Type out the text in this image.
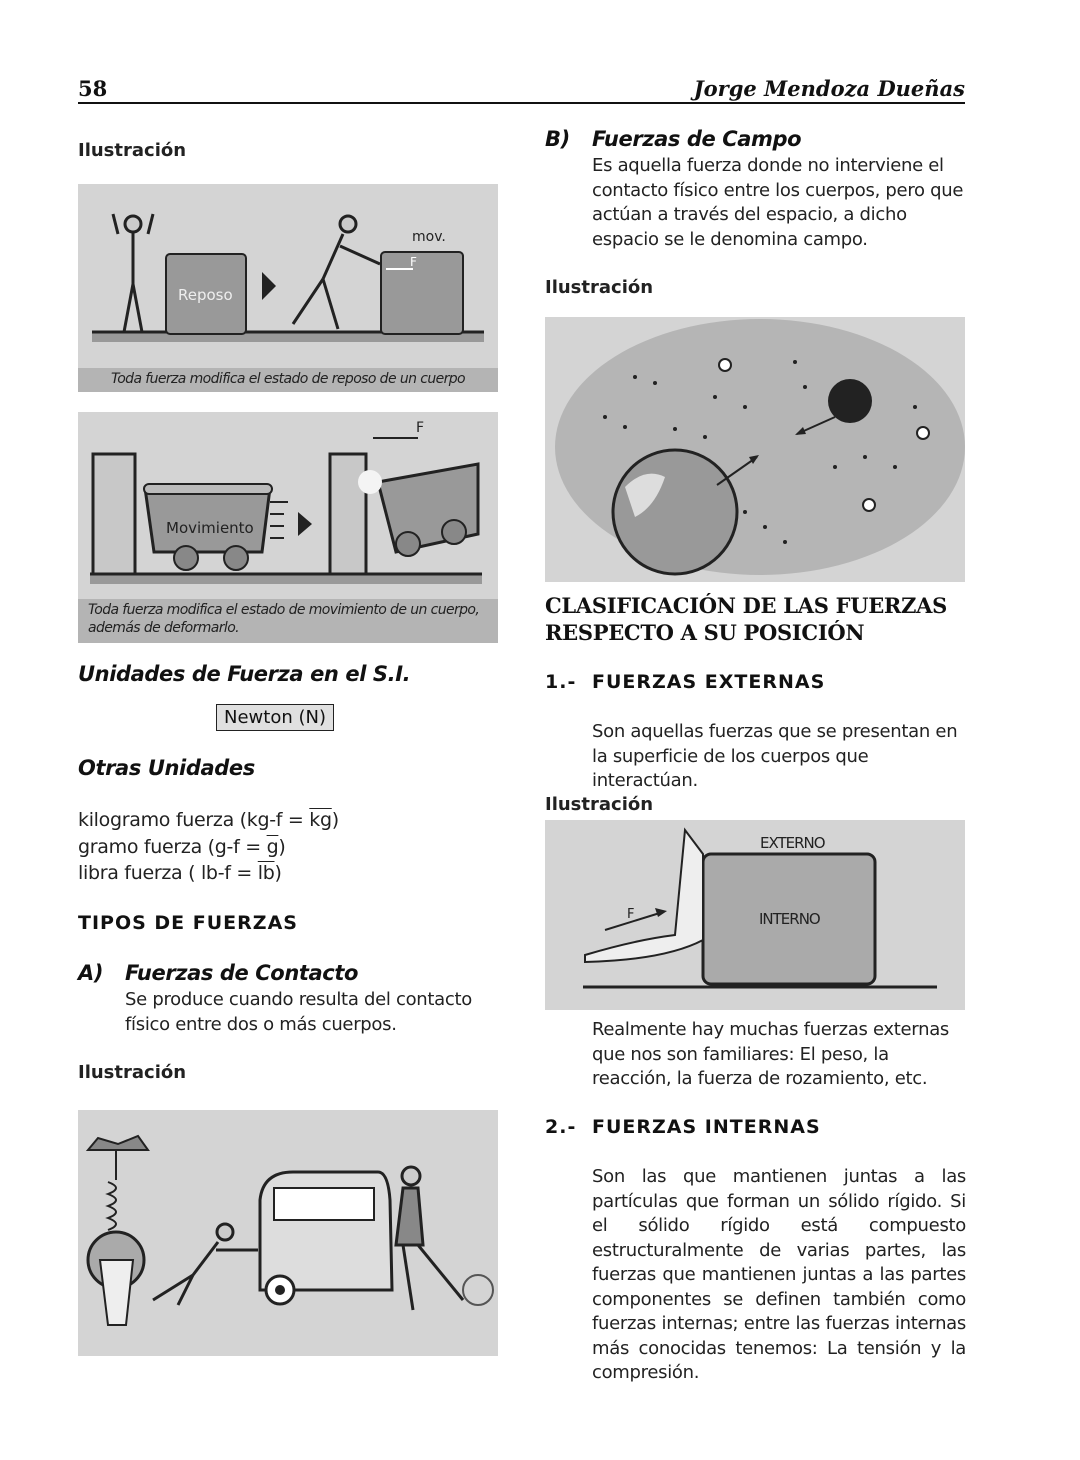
58	Jorge Mendoza Dueñas
Ilustración
mov.
F
Reposo
Toda fuerza modifica el estado de reposo de un cuerpo
F
Movimiento
Toda fuerza modifica el estado de movimiento de un cuerpo, además de deformarlo.
Unidades de Fuerza en el S.I.
Newton (N)
Otras Unidades
kilogramo fuerza $(kg-f = \overline{kg})$
gramo fuerza $(g-f = \overline{g})$
libra fuerza ( $lb-f = \overline{lb}$)
TIPOS DE FUERZAS
A) Fuerzas de Contacto
Se produce cuando resulta del contacto físico entre dos o más cuerpos.
Ilustración
B) Fuerzas de Campo
Es aquella fuerza donde no interviene el contacto físico entre los cuerpos, pero que actúan a través del espacio, a dicho espacio se le denomina campo.
Ilustración
CLASIFICACIÓN DE LAS FUERZAS
RESPECTO A SU POSICIÓN
1.- FUERZAS EXTERNAS
Son aquellas fuerzas que se presentan en la superficie de los cuerpos que interactúan.
Ilustración
F
EXTERNO
INTERNO
Realmente hay muchas fuerzas externas que nos son familiares: El peso, la reacción, la fuerza de rozamiento, etc.
2.- FUERZAS INTERNAS
Son las que mantienen juntas a las partículas que forman un sólido rígido. Si el sólido rígido está compuesto estructuralmente de varias partes, las fuerzas que mantienen juntas a las partes componentes se definen también como fuerzas internas; entre las fuerzas internas más conocidas tenemos: La tensión y la compresión.
